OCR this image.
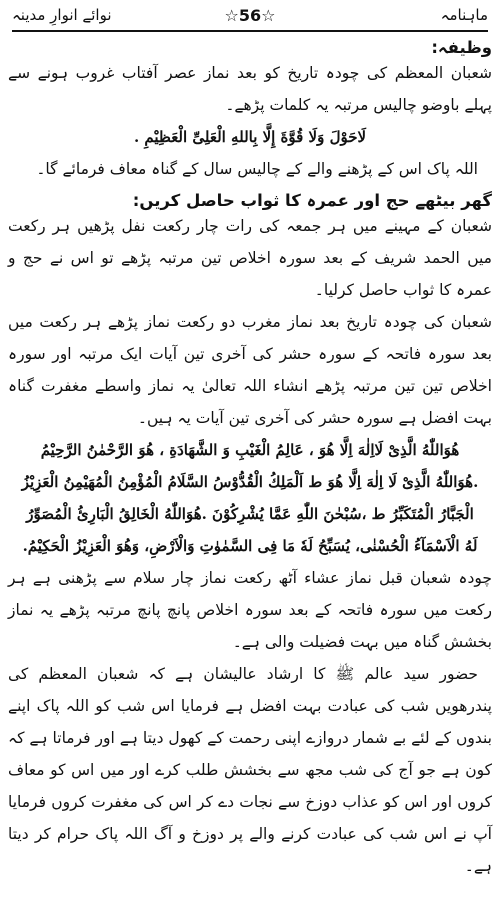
نوائے انوارِ مدینہ	☆56☆	ماہنامہ
وظیفہ:

شعبان المعظم کی چودہ تاریخ کو بعد نماز عصر آفتاب غروب ہونے سے پہلے باوضو چالیس مرتبہ یہ کلمات پڑھے۔

لَاحَوْلَ وَلَا قُوَّةَ إِلَّا بِاللهِ الْعَلِىِّ الْعَظِيْمِ .

اللہ پاک اس کے پڑھنے والے کے چالیس سال کے گناہ معاف فرمائے گا۔

گھر بیٹھے حج اور عمرہ کا ثواب حاصل کریں:

شعبان کے مہینے میں ہر جمعہ کی رات چار رکعت نفل پڑھیں ہر رکعت میں الحمد شریف کے بعد سورہ اخلاص تین مرتبہ پڑھے تو اس نے حج و عمرہ کا ثواب حاصل کرلیا۔

شعبان کی چودہ تاریخ بعد نماز مغرب دو رکعت نماز پڑھے ہر رکعت میں بعد سورہ فاتحہ کے سورہ حشر کی آخری تین آیات ایک مرتبہ اور سورہ اخلاص تین تین مرتبہ پڑھے انشاء اللہ تعالیٰ یہ نماز واسطے مغفرت گناہ بہت افضل ہے سورہ حشر کی آخری تین آیات یہ ہیں۔

هُوَاللّٰهُ الَّذِىْ لَااِلٰهَ اِلَّا هُوَ ، عَالِمُ الْغَيْبِ وَ الشَّهَادَةِ ، هُوَ الرَّحْمٰنُ الرَّحِيْمُ

.هُوَاللّٰهُ الَّذِىْ لَا اِلٰهَ اِلَّا هُوَ ط اَلْمَلِكُ الْقُدُّوْسُ السَّلَامُ الْمُؤْمِنُ الْمُهَيْمِنُ الْعَزِيْزُ

الْجَبَّارُ الْمُتَكَبِّرُ ط ،سُبْحٰنَ اللّٰهِ عَمَّا يُشْرِكُوْنَ .هُوَاللّٰهُ الْخَالِقُ الْبَارِئُ الْمُصَوِّرُ

لَهُ الْاَسْمَآءُ الْحُسْنٰى، يُسَبِّحُ لَهٗ مَا فِى السَّمٰوٰتِ وَالْاَرْضِ، وَهُوَ الْعَزِيْزُ الْحَكِيْمُ.

چودہ شعبان قبل نماز عشاء آٹھ رکعت نماز چار سلام سے پڑھنی ہے ہر رکعت میں سورہ فاتحہ کے بعد سورہ اخلاص پانچ پانچ مرتبہ پڑھے یہ نماز بخشش گناہ میں بہت فضیلت والی ہے۔

حضور سید عالم ﷺ کا ارشاد عالیشان ہے کہ شعبان المعظم کی پندرھویں شب کی عبادت بہت افضل ہے فرمایا اس شب کو اللہ پاک اپنے بندوں کے لئے بے شمار دروازے اپنی رحمت کے کھول دیتا ہے اور فرماتا ہے کہ کون ہے جو آج کی شب مجھ سے بخشش طلب کرے اور میں اس کو معاف کروں اور اس کو عذاب دوزخ سے نجات دے کر اس کی مغفرت کروں فرمایا آپ نے اس شب کی عبادت کرنے والے پر دوزخ و آگ اللہ پاک حرام کر دیتا ہے۔
